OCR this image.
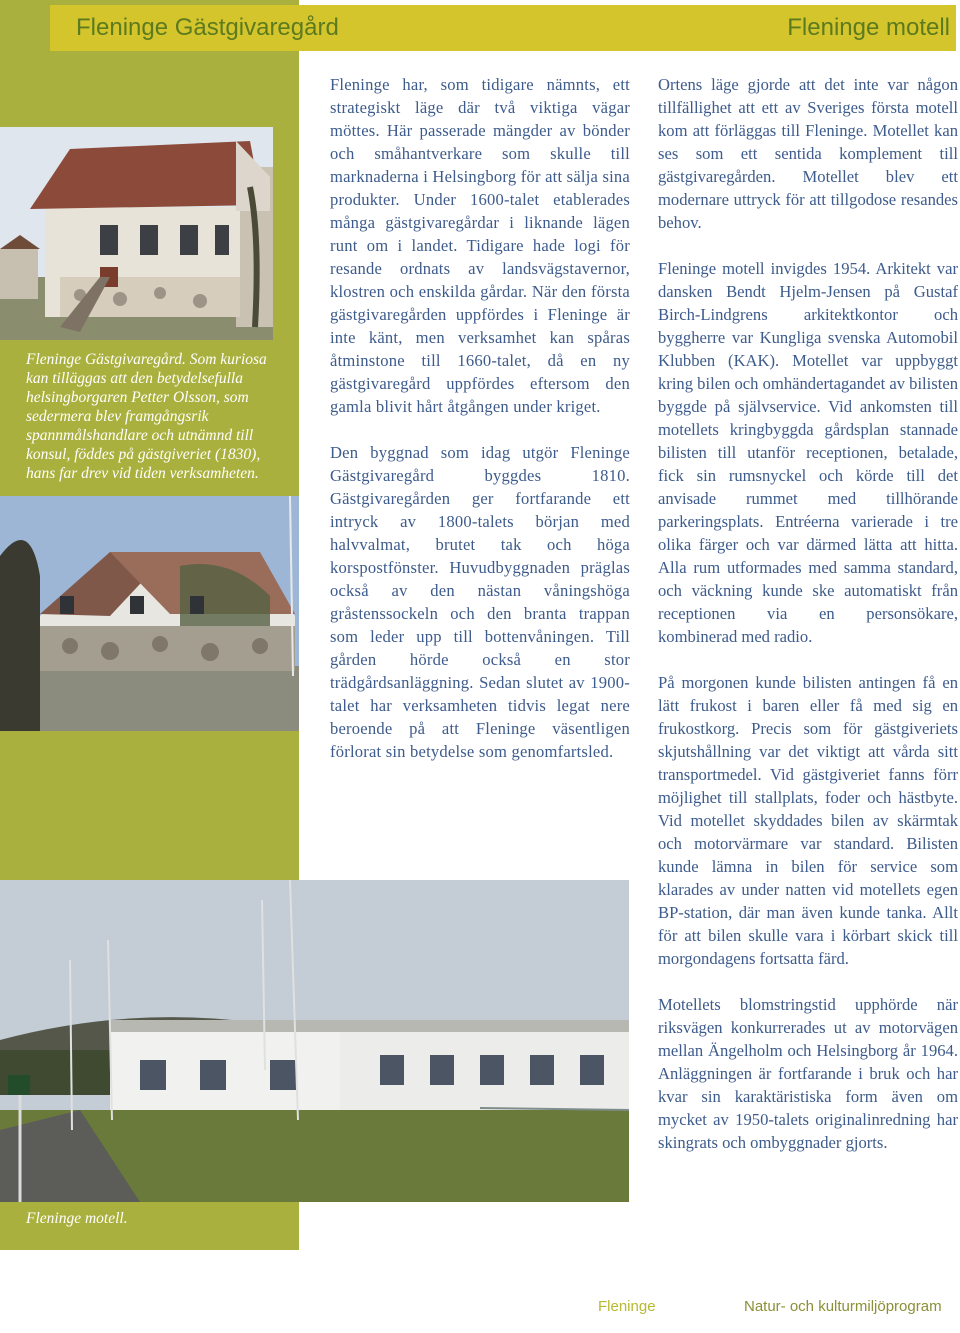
Fleninge Gästgivaregård	Fleninge motell

Fleninge Gästgivaregård. Som kuriosa kan tilläggas att den betydelsefulla helsingborgaren Petter Olsson, som sedermera blev framgångsrik spannmålshandlare och utnämnd till konsul, föddes på gästgiveriet (1830), hans far drev vid tiden verksamheten.

Fleninge motell.

Fleninge har, som tidigare nämnts, ett strategiskt läge där två viktiga vägar möttes. Här passerade mängder av bönder och småhantverkare som skulle till marknaderna i Helsingborg för att sälja sina produkter. Under 1600-talet etablerades många gästgivaregårdar i liknande lägen runt om i landet. Tidigare hade logi för resande ordnats av landsvägstavernor, klostren och enskilda gårdar. När den första gästgivaregården uppfördes i Fleninge är inte känt, men verksamhet kan spåras åtminstone till 1660-talet, då en ny gästgivaregård uppfördes eftersom den gamla blivit hårt åtgången under kriget.

Den byggnad som idag utgör Fleninge Gästgivaregård byggdes 1810. Gästgivaregården ger fortfarande ett intryck av 1800-talets början med halvvalmat, brutet tak och höga korspostfönster. Huvudbyggnaden präglas också av den nästan våningshöga gråstenssockeln och den branta trappan som leder upp till bottenvåningen. Till gården hörde också en stor trädgårdsanläggning. Sedan slutet av 1900-talet har verksamheten tidvis legat nere beroende på att Fleninge väsentligen förlorat sin betydelse som genomfartsled.

Ortens läge gjorde att det inte var någon tillfällighet att ett av Sveriges första motell kom att förläggas till Fleninge. Motellet kan ses som ett sentida komplement till gästgivaregården. Motellet blev ett modernare uttryck för att tillgodose resandes behov.

Fleninge motell invigdes 1954. Arkitekt var dansken Bendt Hjelm-Jensen på Gustaf Birch-Lindgrens arkitektkontor och byggherre var Kungliga svenska Automobil Klubben (KAK). Motellet var uppbyggt kring bilen och omhändertagandet av bilisten byggde på självservice. Vid ankomsten till motellets kringbyggda gårdsplan stannade bilisten till utanför receptionen, betalade, fick sin rumsnyckel och körde till det anvisade rummet med tillhörande parkeringsplats. Entréerna varierade i tre olika färger och var därmed lätta att hitta. Alla rum utformades med samma standard, och väckning kunde ske automatiskt från receptionen via en personsökare, kombinerad med radio.

På morgonen kunde bilisten antingen få en lätt frukost i baren eller få med sig en frukostkorg. Precis som för gästgiveriets skjutshållning var det viktigt att vårda sitt transportmedel. Vid gästgiveriet fanns förr möjlighet till stallplats, foder och hästbyte. Vid motellet skyddades bilen av skärmtak och motorvärmare var standard. Bilisten kunde lämna in bilen för service som klarades av under natten vid motellets egen BP-station, där man även kunde tanka. Allt för att bilen skulle vara i körbart skick till morgondagens fortsatta färd.

Motellets blomstringstid upphörde när riksvägen konkurrerades ut av motorvägen mellan Ängelholm och Helsingborg år 1964. Anläggningen är fortfarande i bruk och har kvar sin karaktäristiska form även om mycket av 1950-talets originalinredning har skingrats och ombyggnader gjorts.

10 Fleninge vägsamhälle
Fleninge	Natur- och kulturmiljöprogram
